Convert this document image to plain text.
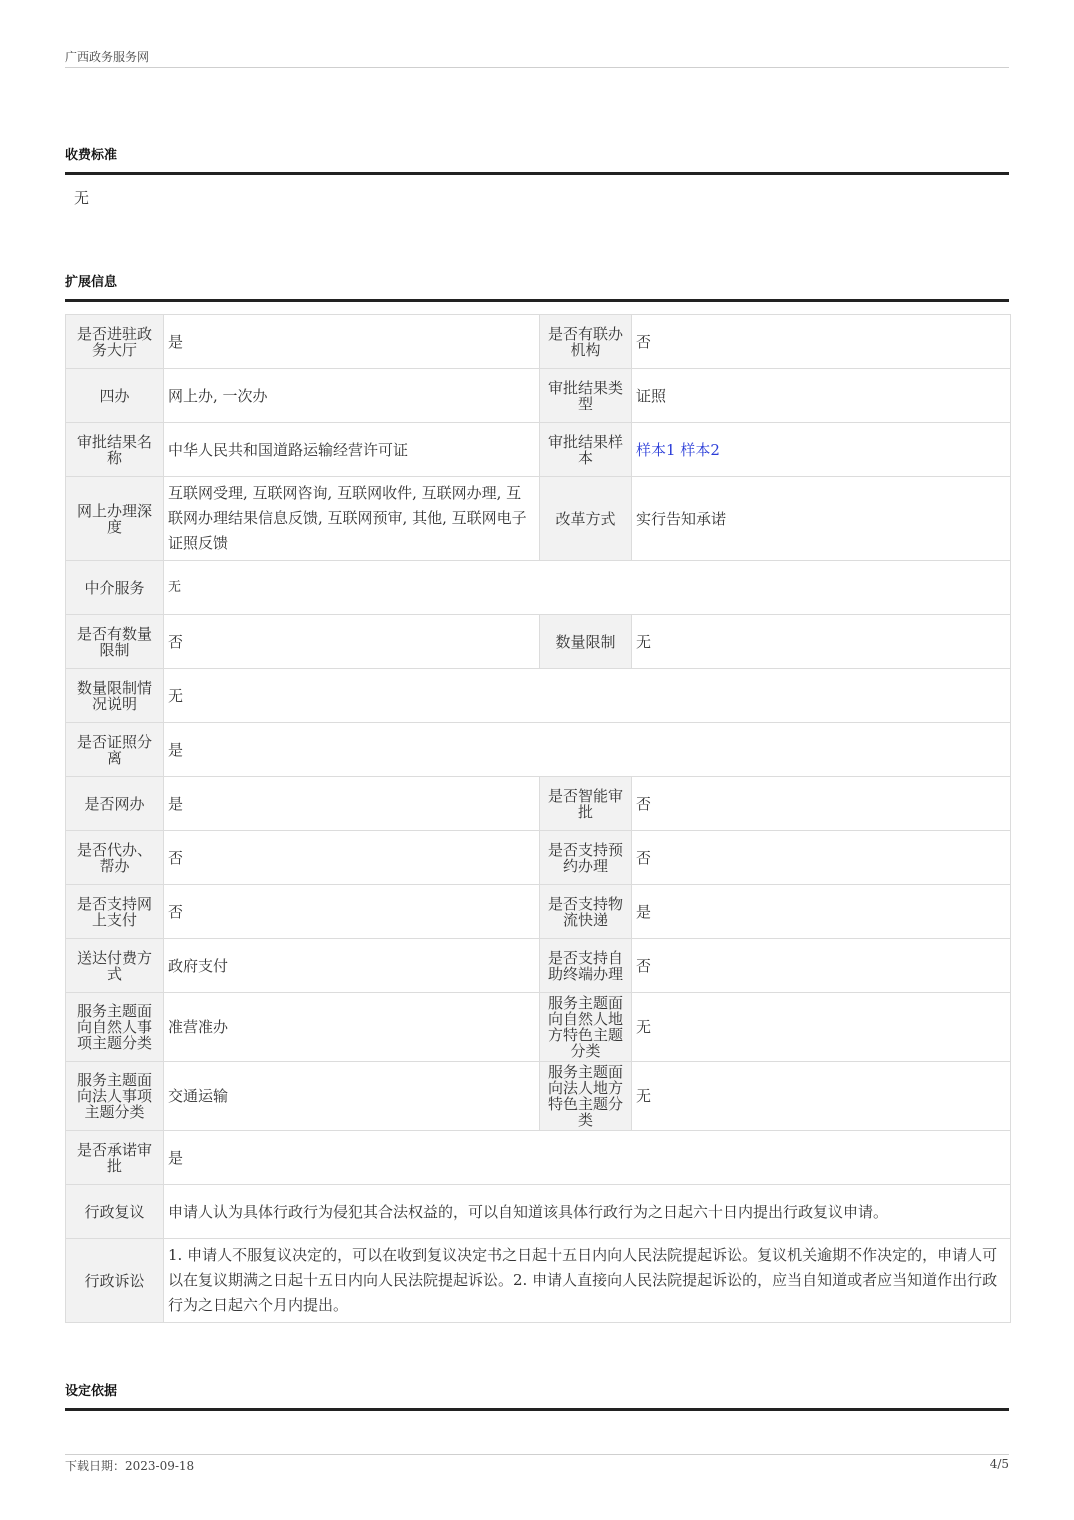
广西政务服务网
收费标准
无
扩展信息
是否进驻政务大厅	是	是否有联办机构	否
四办	网上办, 一次办	审批结果类型	证照
审批结果名称	中华人民共和国道路运输经营许可证	审批结果样本	样本1 样本2
网上办理深度	互联网受理, 互联网咨询, 互联网收件, 互联网办理, 互联网办理结果信息反馈, 互联网预审, 其他, 互联网电子证照反馈	改革方式	实行告知承诺
中介服务	无		
是否有数量限制	否	数量限制	无
数量限制情况说明	无		
是否证照分离	是		
是否网办	是	是否智能审批	否
是否代办、帮办	否	是否支持预约办理	否
是否支持网上支付	否	是否支持物流快递	是
送达付费方式	政府支付	是否支持自助终端办理	否
服务主题面向自然人事项主题分类	准营准办	服务主题面向自然人地方特色主题分类	无
服务主题面向法人事项主题分类	交通运输	服务主题面向法人地方特色主题分类	无
是否承诺审批	是		
行政复议	申请人认为具体行政行为侵犯其合法权益的，可以自知道该具体行政行为之日起六十日内提出行政复议申请。		
行政诉讼	1. 申请人不服复议决定的，可以在收到复议决定书之日起十五日内向人民法院提起诉讼。复议机关逾期不作决定的，申请人可以在复议期满之日起十五日内向人民法院提起诉讼。2. 申请人直接向人民法院提起诉讼的，应当自知道或者应当知道作出行政行为之日起六个月内提出。		
设定依据
下载日期：2023-09-18	4/5
